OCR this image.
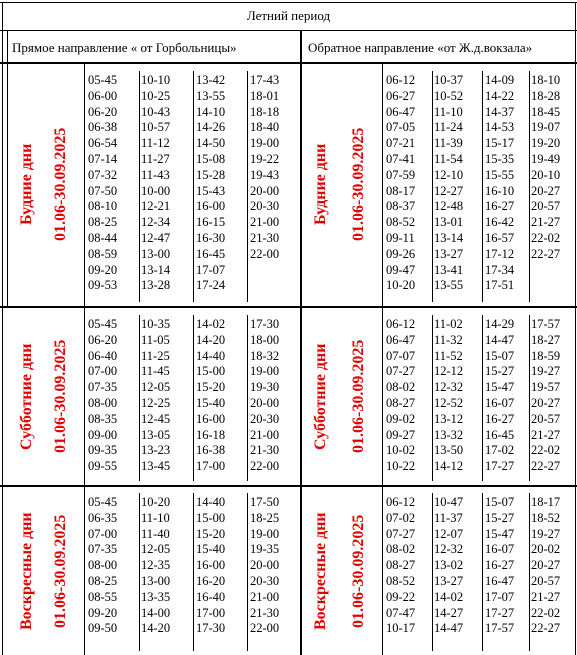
Летний период
Прямое направление « от Горбольницы»	Обратное направление «от Ж.д.вокзала»
Будние дни 01.06-30.09.2025
05-45
06-00
06-20
06-38
06-54
07-14
07-32
07-50
08-10
08-25
08-44
08-59
09-20
09-53
10-10
10-25
10-43
10-57
11-12
11-27
11-43
10-00
12-21
12-34
12-47
13-00
13-14
13-28
13-42
13-55
14-10
14-26
14-50
15-08
15-28
15-43
16-00
16-15
16-30
16-45
17-07
17-24
17-43
18-01
18-18
18-40
19-00
19-22
19-43
20-00
20-30
21-00
21-30
22-00
Будние дни 01.06-30.09.2025
06-12
06-27
06-47
07-05
07-21
07-41
07-59
08-17
08-37
08-52
09-11
09-26
09-47
10-20
10-37
10-52
11-10
11-24
11-39
11-54
12-10
12-27
12-48
13-01
13-14
13-27
13-41
13-55
14-09
14-22
14-37
14-53
15-17
15-35
15-55
16-10
16-27
16-42
16-57
17-12
17-34
17-51
18-10
18-28
18-45
19-07
19-20
19-49
20-10
20-27
20-57
21-27
22-02
22-27
Субботние дни 01.06-30.09.2025
05-45
06-20
06-40
07-00
07-35
08-00
08-35
09-00
09-35
09-55
10-35
11-05
11-25
11-45
12-05
12-25
12-45
13-05
13-23
13-45
14-02
14-20
14-40
15-00
15-20
15-40
16-00
16-18
16-38
17-00
17-30
18-00
18-32
19-00
19-30
20-00
20-30
21-00
21-30
22-00
Субботние дни 01.06-30.09.2025
06-12
06-47
07-07
07-27
08-02
08-27
09-02
09-27
10-02
10-22
11-02
11-32
11-52
12-12
12-32
12-52
13-12
13-32
13-50
14-12
14-29
14-47
15-07
15-27
15-47
16-07
16-27
16-45
17-02
17-27
17-57
18-27
18-59
19-27
19-57
20-27
20-57
21-27
22-02
22-27
Воскресные дни 01.06-30.09.2025
05-45
06-35
07-00
07-35
08-00
08-25
08-55
09-20
09-50
10-20
11-10
11-40
12-05
12-35
13-00
13-35
14-00
14-20
14-40
15-00
15-20
15-40
16-00
16-20
16-40
17-00
17-30
17-50
18-25
19-00
19-35
20-00
20-30
21-00
21-30
22-00 Воскресные дни 01.06-30.09.2025
06-12
07-02
07-27
08-02
08-27
08-52
09-22
07-47
10-17
10-47
11-37
12-07
12-32
13-02
13-27
14-02
14-27
14-47
15-07
15-27
15-47
16-07
16-27
16-47
17-07
17-27
17-57
18-17
18-52
19-27
20-02
20-27
20-57
21-27
22-02
22-27
